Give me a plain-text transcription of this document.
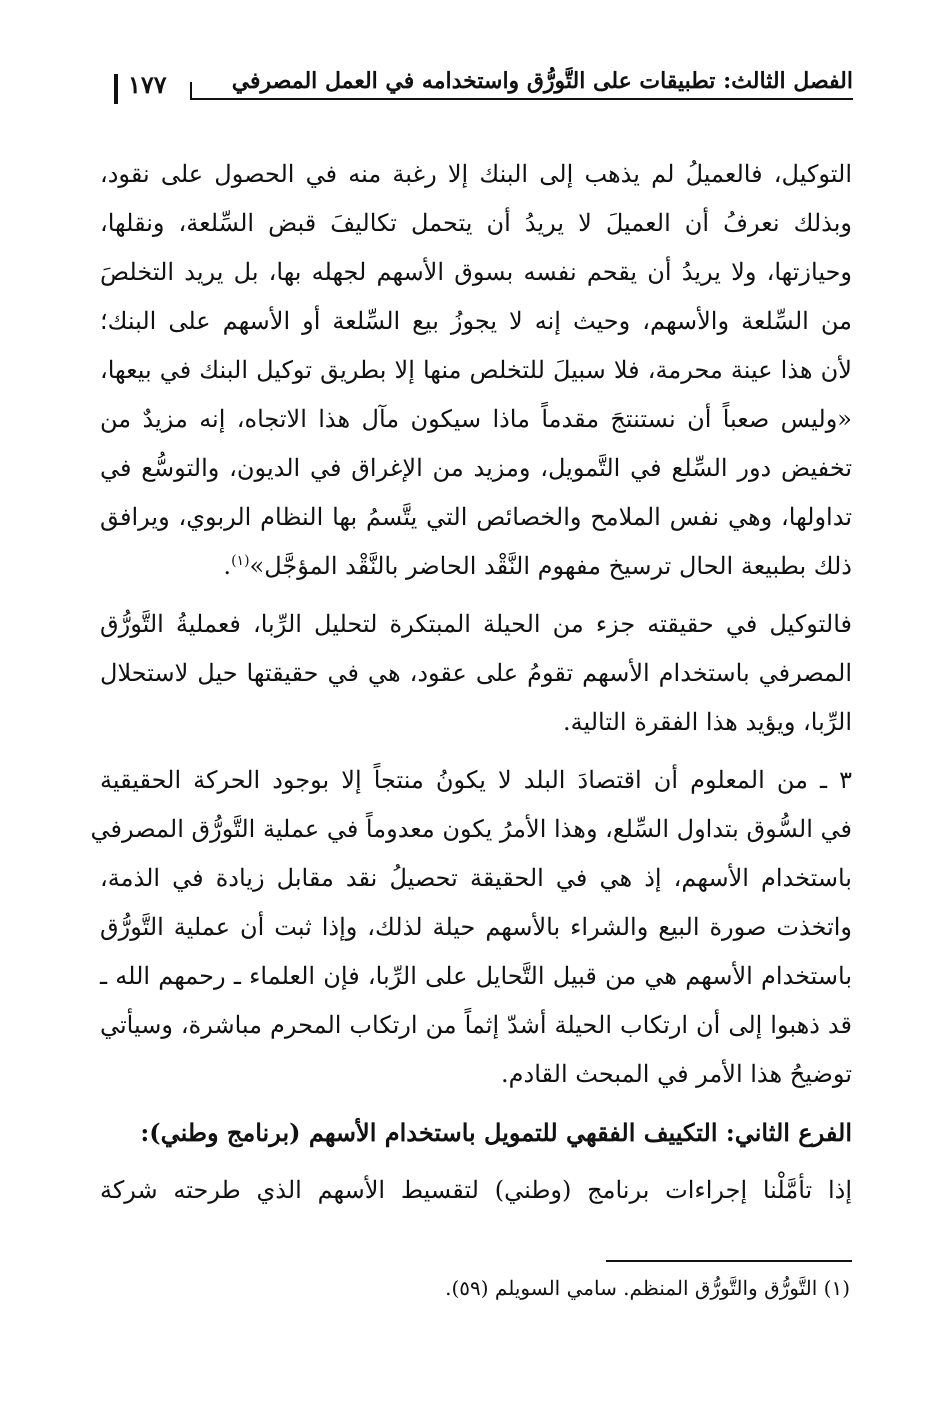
١٧٧	الفصل الثالث: تطبيقات على التَّورُّق واستخدامه في العمل المصرفي

التوكيل، فالعميلُ لم يذهب إلى البنك إلا رغبة منه في الحصول على نقود،
وبذلك نعرفُ أن العميلَ لا يريدُ أن يتحمل تكاليفَ قبض السِّلعة، ونقلها،
وحيازتها، ولا يريدُ أن يقحم نفسه بسوق الأسهم لجهله بها، بل يريد التخلصَ
من السِّلعة والأسهم، وحيث إنه لا يجوزُ بيع السِّلعة أو الأسهم على البنك؛
لأن هذا عينة محرمة، فلا سبيلَ للتخلص منها إلا بطريق توكيل البنك في بيعها،
«وليس صعباً أن نستنتجَ مقدماً ماذا سيكون مآل هذا الاتجاه، إنه مزيدٌ من
تخفيض دور السِّلع في التَّمويل، ومزيد من الإغراق في الديون، والتوسُّع في
تداولها، وهي نفس الملامح والخصائص التي يتَّسمُ بها النظام الربوي، ويرافق
ذلك بطبيعة الحال ترسيخ مفهوم النَّقْد الحاضر بالنَّقْد المؤجَّل»$^{(١)}$.

فالتوكيل في حقيقته جزء من الحيلة المبتكرة لتحليل الرِّبا، فعمليةُ التَّورُّق
المصرفي باستخدام الأسهم تقومُ على عقود، هي في حقيقتها حيل لاستحلال
الرِّبا، ويؤيد هذا الفقرة التالية.

٣ ـ من المعلوم أن اقتصادَ البلد لا يكونُ منتجاً إلا بوجود الحركة الحقيقية
في السُّوق بتداول السِّلع، وهذا الأمرُ يكون معدوماً في عملية التَّورُّق المصرفي
باستخدام الأسهم، إذ هي في الحقيقة تحصيلُ نقد مقابل زيادة في الذمة،
واتخذت صورة البيع والشراء بالأسهم حيلة لذلك، وإذا ثبت أن عملية التَّورُّق
باستخدام الأسهم هي من قبيل التَّحايل على الرِّبا، فإن العلماء ـ رحمهم الله ـ
قد ذهبوا إلى أن ارتكاب الحيلة أشدّ إثماً من ارتكاب المحرم مباشرة، وسيأتي
توضيحُ هذا الأمر في المبحث القادم.

الفرع الثاني: التكييف الفقهي للتمويل باستخدام الأسهم (برنامج وطني):

إذا تأمَّلْنا إجراءات برنامج (وطني) لتقسيط الأسهم الذي طرحته شركة

(١) التَّورُّق والتَّورُّق المنظم. سامي السويلم (٥٩).
